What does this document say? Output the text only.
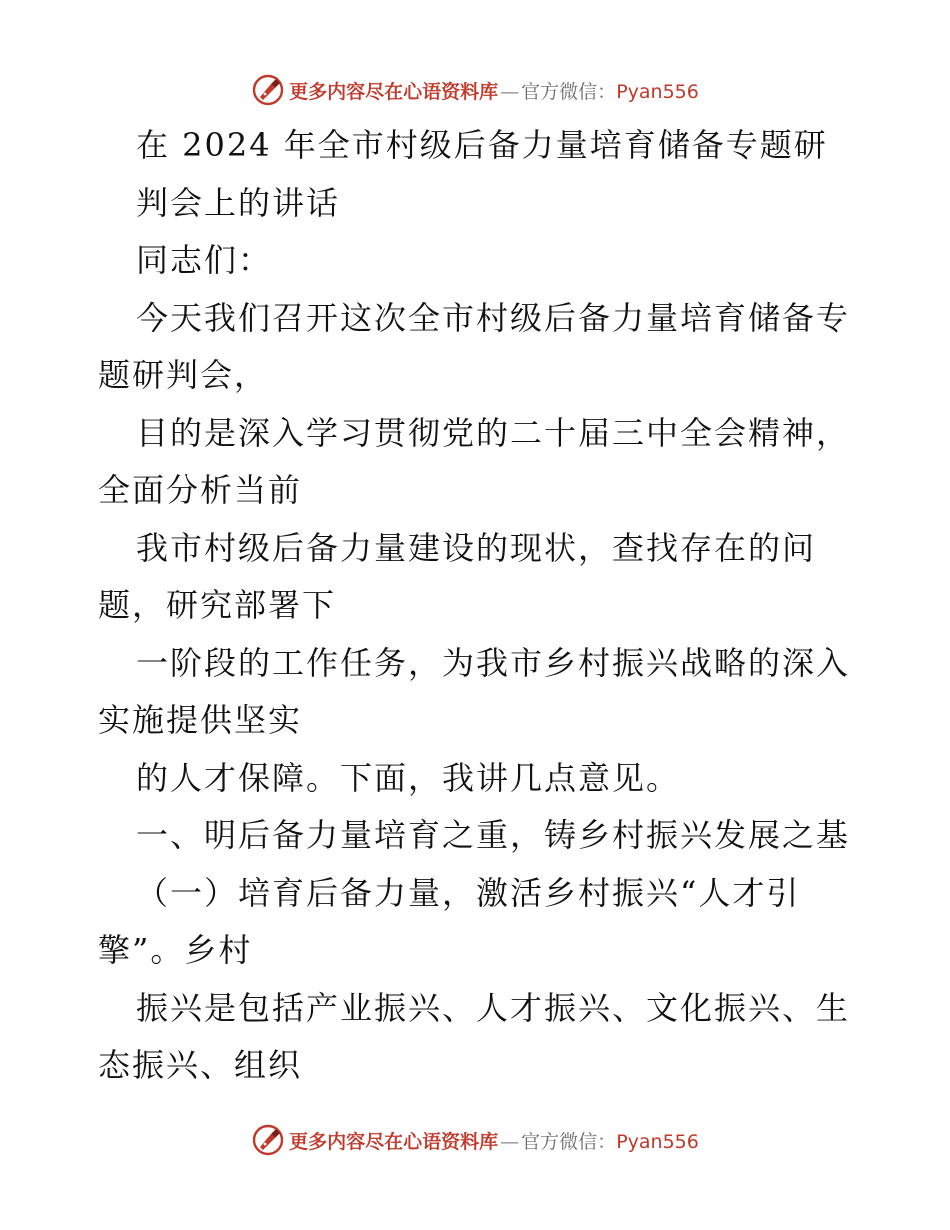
更多内容尽在心语资料库 — 官方微信： Pyan556
在 2024 年全市村级后备力量培育储备专题研
判会上的讲话
同志们：
今天我们召开这次全市村级后备力量培育储备专
题研判会，
目的是深入学习贯彻党的二十届三中全会精神，
全面分析当前
我市村级后备力量建设的现状，查找存在的问
题，研究部署下
一阶段的工作任务，为我市乡村振兴战略的深入
实施提供坚实
的人才保障。下面，我讲几点意见。
一、明后备力量培育之重，铸乡村振兴发展之基
（一）培育后备力量，激活乡村振兴“人才引
擎”。乡村
振兴是包括产业振兴、人才振兴、文化振兴、生
态振兴、组织
更多内容尽在心语资料库 — 官方微信： Pyan556
